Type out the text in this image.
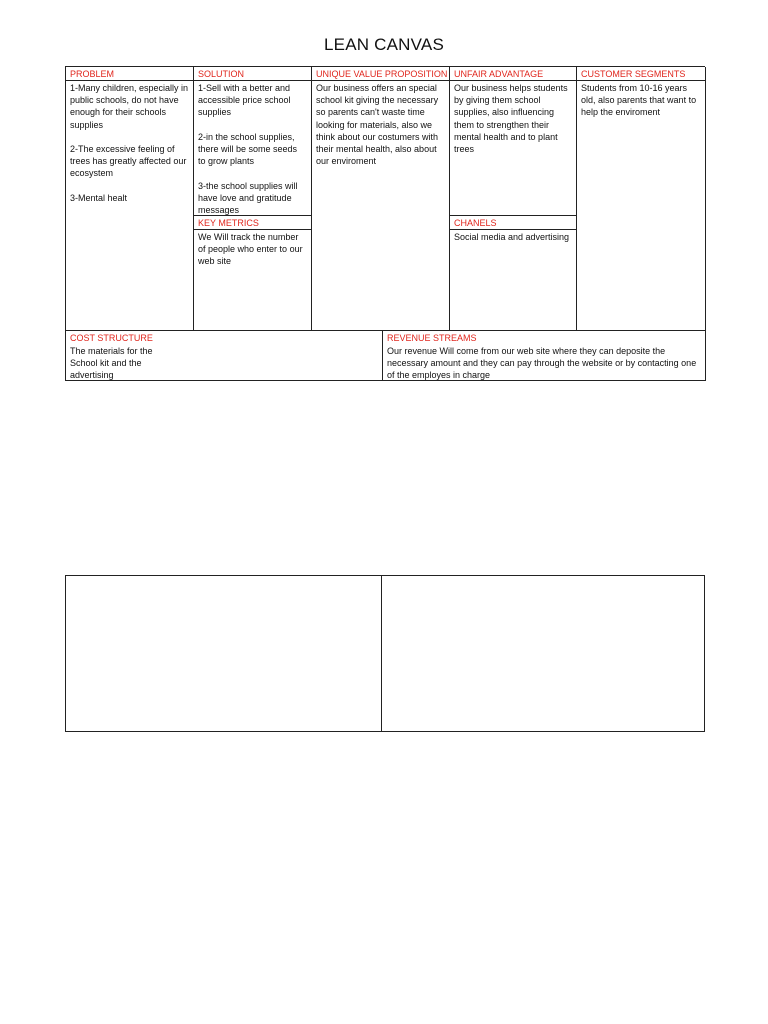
LEAN CANVAS
PROBLEM
1-Many children, especially in public schools, do not have enough for their schools supplies

2-The excessive feeling of trees has greatly affected our ecosystem

3-Mental healt
SOLUTION
1-Sell with a better and accessible price school supplies

2-in the school supplies, there will be some seeds to grow plants

3-the school supplies will have love and gratitude messages
KEY METRICS
We Will track the number of people who enter to our web site
UNIQUE VALUE PROPOSITION
Our business offers an special school kit giving the necessary so parents can't waste time looking for materials, also we think about our costumers with their mental health, also about our enviroment
UNFAIR ADVANTAGE
Our business helps students by giving them school supplies, also influencing them to strengthen their mental health and to plant trees
CHANELS
Social media and advertising
CUSTOMER SEGMENTS
Students from 10-16 years old, also parents that want to help the enviroment
COST STRUCTURE
The materials for the School kit and the advertising
REVENUE STREAMS
Our revenue Will come from our web site where they can deposite the necessary amount and they can pay through the website or by contacting one of the employes in charge
